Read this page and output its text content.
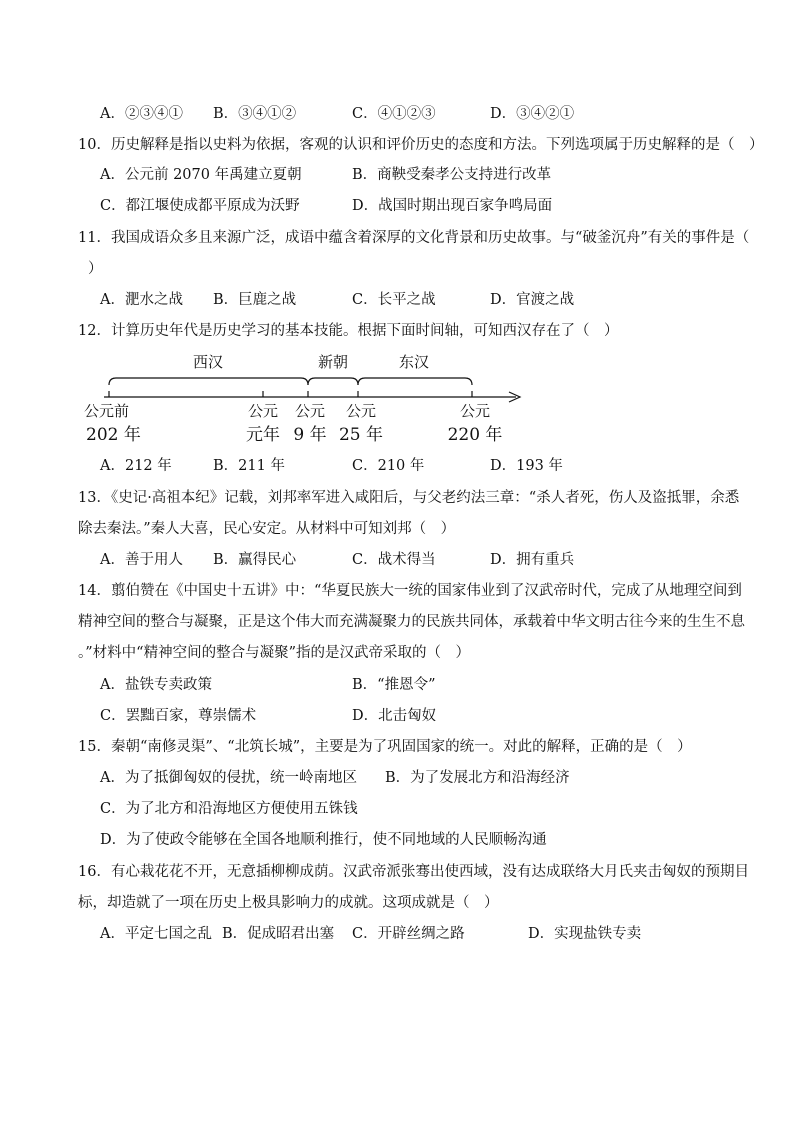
A．②③④① B．③④①②	C．④①②③	D．③④②①
10．历史解释是指以史料为依据，客观的认识和评价历史的态度和方法。下列选项属于历史解释的是（　）
A．公元前 2070 年禹建立夏朝	B．商鞅受秦孝公支持进行改革
C．都江堰使成都平原成为沃野	D．战国时期出现百家争鸣局面
11．我国成语众多且来源广泛，成语中蕴含着深厚的文化背景和历史故事。与“破釜沉舟”有关的事件是（
）
A．淝水之战 B．巨鹿之战	C．长平之战	D．官渡之战
12．计算历史年代是历史学习的基本技能。根据下面时间轴，可知西汉存在了（　）
西汉	新朝	东汉
公元前
202 年
公元
元年
公元
9 年
公元
25 年
公元
220 年
A．212 年	B．211 年	C．210 年	D．193 年
13．《史记·高祖本纪》记载，刘邦率军进入咸阳后，与父老约法三章：“杀人者死，伤人及盗抵罪，余悉
除去秦法。”秦人大喜，民心安定。从材料中可知刘邦（　）
A．善于用人 B．赢得民心	C．战术得当	D．拥有重兵
14．翦伯赞在《中国史十五讲》中：“华夏民族大一统的国家伟业到了汉武帝时代，完成了从地理空间到
精神空间的整合与凝聚，正是这个伟大而充满凝聚力的民族共同体，承载着中华文明古往今来的生生不息
。”材料中“精神空间的整合与凝聚”指的是汉武帝采取的（　）
A．盐铁专卖政策	B．“推恩令”
C．罢黜百家，尊崇儒术	D．北击匈奴
15．秦朝“南修灵渠”、“北筑长城”，主要是为了巩固国家的统一。对此的解释，正确的是（　）
A．为了抵御匈奴的侵扰，统一岭南地区 B．为了发展北方和沿海经济
C．为了北方和沿海地区方便使用五铢钱
D．为了使政令能够在全国各地顺利推行，使不同地域的人民顺畅沟通
16．有心栽花花不开，无意插柳柳成荫。汉武帝派张骞出使西域，没有达成联络大月氏夹击匈奴的预期目
标，却造就了一项在历史上极具影响力的成就。这项成就是（　）
A．平定七国之乱 B．促成昭君出塞 C．开辟丝绸之路	D．实现盐铁专卖
